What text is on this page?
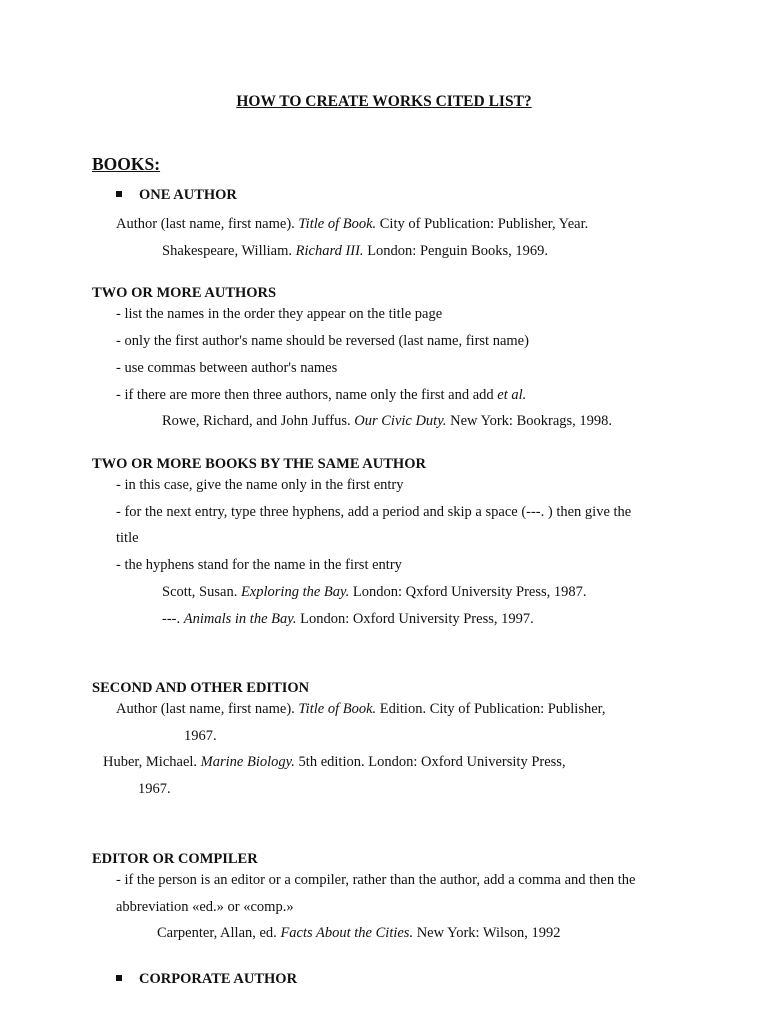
HOW TO CREATE WORKS CITED LIST?
BOOKS:
ONE AUTHOR
Author (last name, first name). Title of Book. City of Publication: Publisher, Year.
Shakespeare, William. Richard III. London: Penguin Books, 1969.
TWO OR MORE AUTHORS
- list the names in the order they appear on the title page
- only the first author's name should be reversed (last name, first name)
- use commas between author's names
- if there are more then three authors, name only the first and add et al.
Rowe, Richard, and John Juffus. Our Civic Duty. New York: Bookrags, 1998.
TWO OR MORE BOOKS BY THE SAME AUTHOR
- in this case, give the name only in the first entry
- for the next entry, type three hyphens, add a period and skip a space (---. ) then give the
title
- the hyphens stand for the name in the first entry
Scott, Susan. Exploring the Bay. London: Qxford University Press, 1987.
---. Animals in the Bay. London: Oxford University Press, 1997.
SECOND AND OTHER EDITION
Author (last name, first name). Title of Book. Edition. City of Publication: Publisher,
1967.
Huber, Michael. Marine Biology. 5th edition. London: Oxford University Press,
1967.
EDITOR OR COMPILER
- if the person is an editor or a compiler, rather than the author, add a comma and then the
abbreviation «ed.» or «comp.»
Carpenter, Allan, ed. Facts About the Cities. New York: Wilson, 1992
CORPORATE AUTHOR
